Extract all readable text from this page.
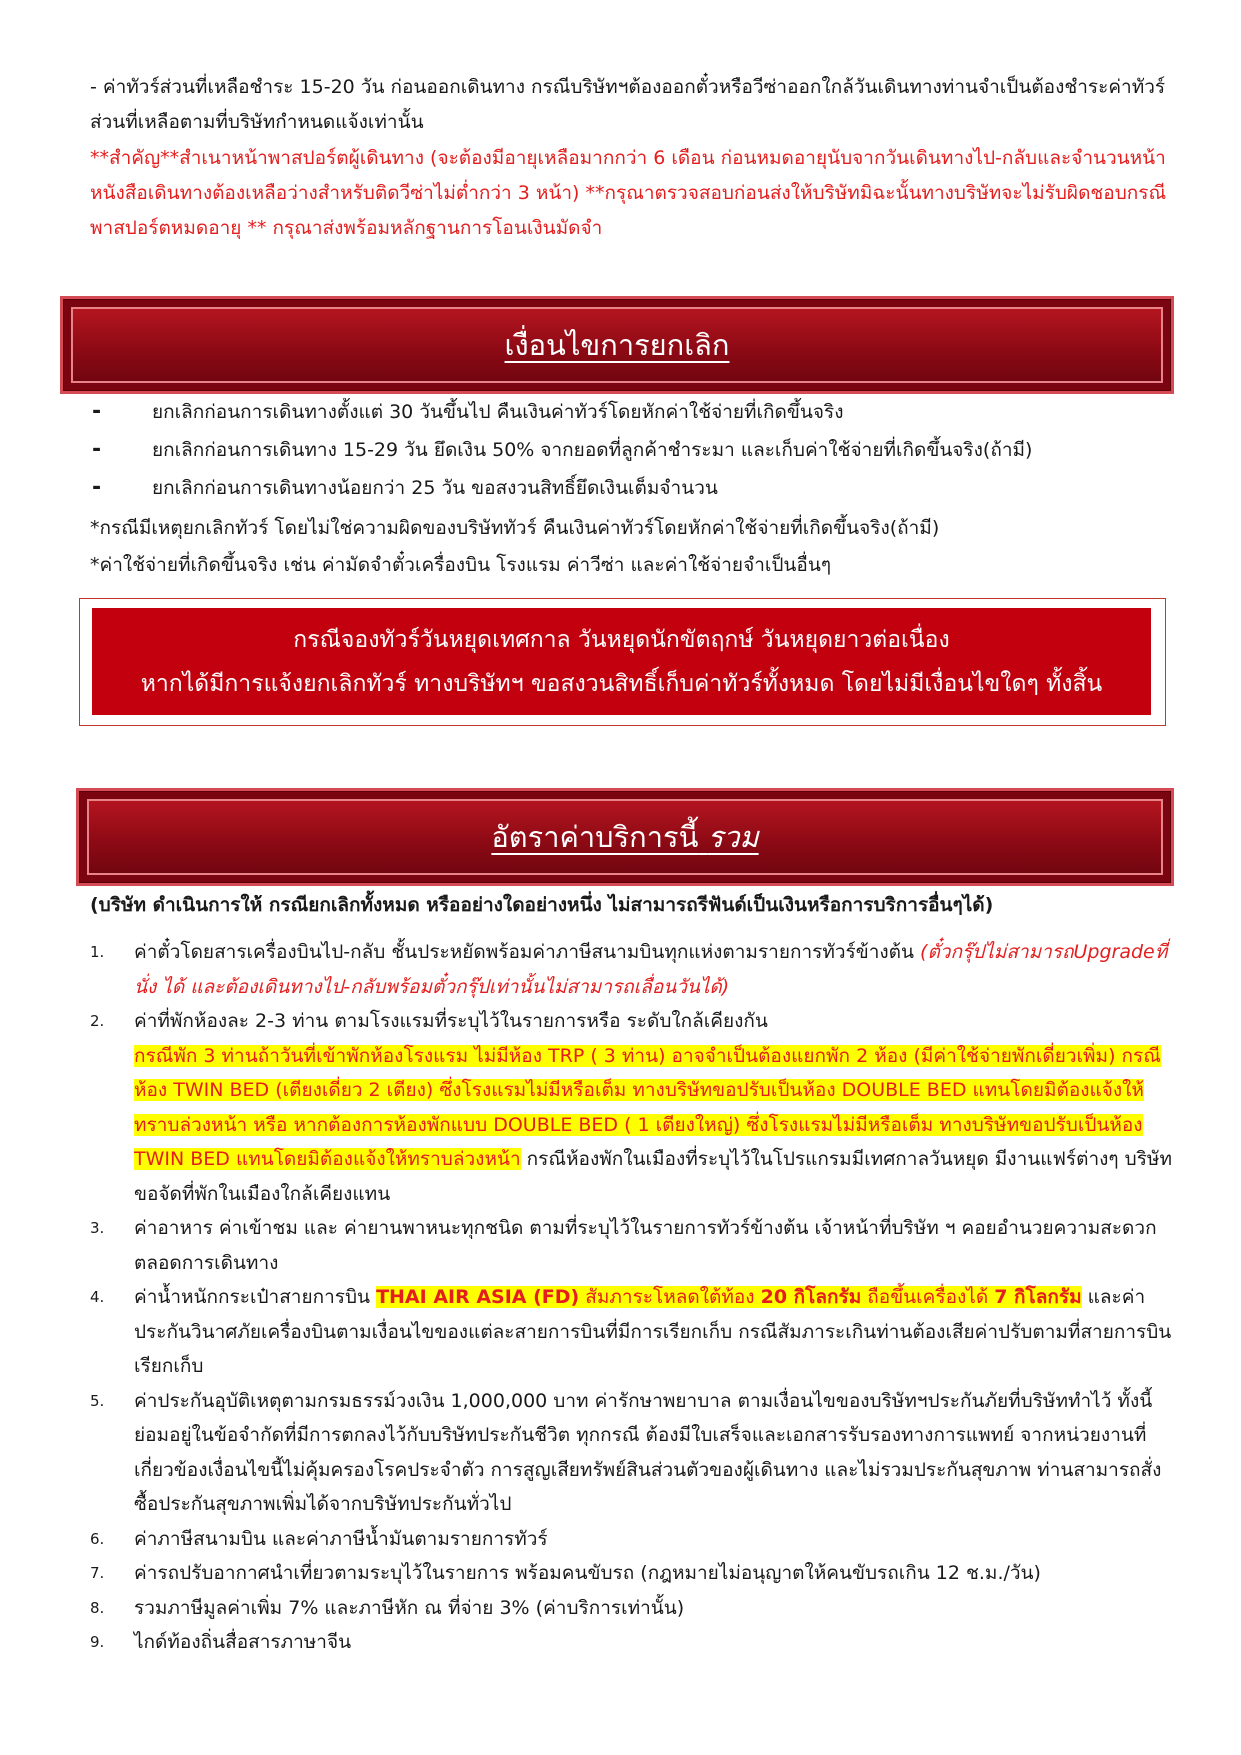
- ค่าทัวร์ส่วนที่เหลือชำระ 15-20 วัน ก่อนออกเดินทาง กรณีบริษัทฯต้องออกตั๋วหรือวีซ่าออกใกล้วันเดินทางท่านจำเป็นต้องชำระค่าทัวร์ส่วนที่เหลือตามที่บริษัทกำหนดแจ้งเท่านั้น

**สำคัญ**สำเนาหน้าพาสปอร์ตผู้เดินทาง (จะต้องมีอายุเหลือมากกว่า 6 เดือน ก่อนหมดอายุนับจากวันเดินทางไป-กลับและจำนวนหน้าหนังสือเดินทางต้องเหลือว่างสำหรับติดวีซ่าไม่ต่ำกว่า 3 หน้า) **กรุณาตรวจสอบก่อนส่งให้บริษัทมิฉะนั้นทางบริษัทจะไม่รับผิดชอบกรณีพาสปอร์ตหมดอายุ ** กรุณาส่งพร้อมหลักฐานการโอนเงินมัดจำ

เงื่อนไขการยกเลิก
-	ยกเลิกก่อนการเดินทางตั้งแต่ 30 วันขึ้นไป คืนเงินค่าทัวร์โดยหักค่าใช้จ่ายที่เกิดขึ้นจริง
-	ยกเลิกก่อนการเดินทาง 15-29 วัน ยึดเงิน 50% จากยอดที่ลูกค้าชำระมา และเก็บค่าใช้จ่ายที่เกิดขึ้นจริง(ถ้ามี)
-	ยกเลิกก่อนการเดินทางน้อยกว่า 25 วัน ขอสงวนสิทธิ์ยึดเงินเต็มจำนวน

*กรณีมีเหตุยกเลิกทัวร์ โดยไม่ใช่ความผิดของบริษัททัวร์ คืนเงินค่าทัวร์โดยหักค่าใช้จ่ายที่เกิดขึ้นจริง(ถ้ามี)

*ค่าใช้จ่ายที่เกิดขึ้นจริง เช่น ค่ามัดจำตั๋วเครื่องบิน โรงแรม ค่าวีซ่า และค่าใช้จ่ายจำเป็นอื่นๆ

กรณีจองทัวร์วันหยุดเทศกาล วันหยุดนักขัตฤกษ์ วันหยุดยาวต่อเนื่อง
หากได้มีการแจ้งยกเลิกทัวร์ ทางบริษัทฯ ขอสงวนสิทธิ์เก็บค่าทัวร์ทั้งหมด โดยไม่มีเงื่อนไขใดๆ ทั้งสิ้น
อัตราค่าบริการนี้ รวม

(บริษัท ดำเนินการให้ กรณียกเลิกทั้งหมด หรืออย่างใดอย่างหนึ่ง ไม่สามารถรีฟันด์เป็นเงินหรือการบริการอื่นๆได้)

1. ค่าตั๋วโดยสารเครื่องบินไป-กลับ ชั้นประหยัดพร้อมค่าภาษีสนามบินทุกแห่งตามรายการทัวร์ข้างต้น (ตั๋วกรุ๊ปไม่สามารถUpgradeที่นั่ง ได้ และต้องเดินทางไป-กลับพร้อมตั๋วกรุ๊ปเท่านั้นไม่สามารถเลื่อนวันได้)
2. ค่าที่พักห้องละ 2-3 ท่าน ตามโรงแรมที่ระบุไว้ในรายการหรือ ระดับใกล้เคียงกัน
กรณีพัก 3 ท่านถ้าวันที่เข้าพักห้องโรงแรม ไม่มีห้อง TRP ( 3 ท่าน) อาจจำเป็นต้องแยกพัก 2 ห้อง (มีค่าใช้จ่ายพักเดี่ยวเพิ่ม) กรณีห้อง TWIN BED (เตียงเดี่ยว 2 เตียง) ซึ่งโรงแรมไม่มีหรือเต็ม ทางบริษัทขอปรับเป็นห้อง DOUBLE BED แทนโดยมิต้องแจ้งให้ทราบล่วงหน้า หรือ หากต้องการห้องพักแบบ DOUBLE BED ( 1 เตียงใหญ่) ซึ่งโรงแรมไม่มีหรือเต็ม ทางบริษัทขอปรับเป็นห้อง TWIN BED แทนโดยมิต้องแจ้งให้ทราบล่วงหน้า กรณีห้องพักในเมืองที่ระบุไว้ในโปรแกรมมีเทศกาลวันหยุด มีงานแฟร์ต่างๆ บริษัทขอจัดที่พักในเมืองใกล้เคียงแทน
3. ค่าอาหาร ค่าเข้าชม และ ค่ายานพาหนะทุกชนิด ตามที่ระบุไว้ในรายการทัวร์ข้างต้น เจ้าหน้าที่บริษัท ฯ คอยอำนวยความสะดวกตลอดการเดินทาง
4. ค่าน้ำหนักกระเป๋าสายการบิน THAI AIR ASIA (FD) สัมภาระโหลดใต้ท้อง 20 กิโลกรัม ถือขึ้นเครื่องได้ 7 กิโลกรัม และค่าประกันวินาศภัยเครื่องบินตามเงื่อนไขของแต่ละสายการบินที่มีการเรียกเก็บ กรณีสัมภาระเกินท่านต้องเสียค่าปรับตามที่สายการบินเรียกเก็บ
5. ค่าประกันอุบัติเหตุตามกรมธรรม์วงเงิน 1,000,000 บาท ค่ารักษาพยาบาล ตามเงื่อนไขของบริษัทฯประกันภัยที่บริษัททำไว้ ทั้งนี้ย่อมอยู่ในข้อจำกัดที่มีการตกลงไว้กับบริษัทประกันชีวิต ทุกกรณี ต้องมีใบเสร็จและเอกสารรับรองทางการแพทย์ จากหน่วยงานที่เกี่ยวข้องเงื่อนไขนี้ไม่คุ้มครองโรคประจำตัว การสูญเสียทรัพย์สินส่วนตัวของผู้เดินทาง และไม่รวมประกันสุขภาพ ท่านสามารถสั่งซื้อประกันสุขภาพเพิ่มได้จากบริษัทประกันทั่วไป
6. ค่าภาษีสนามบิน และค่าภาษีน้ำมันตามรายการทัวร์
7. ค่ารถปรับอากาศนำเที่ยวตามระบุไว้ในรายการ พร้อมคนขับรถ (กฎหมายไม่อนุญาตให้คนขับรถเกิน 12 ช.ม./วัน)
8. รวมภาษีมูลค่าเพิ่ม 7% และภาษีหัก ณ ที่จ่าย 3% (ค่าบริการเท่านั้น)
9. ไกด์ท้องถิ่นสื่อสารภาษาจีน
